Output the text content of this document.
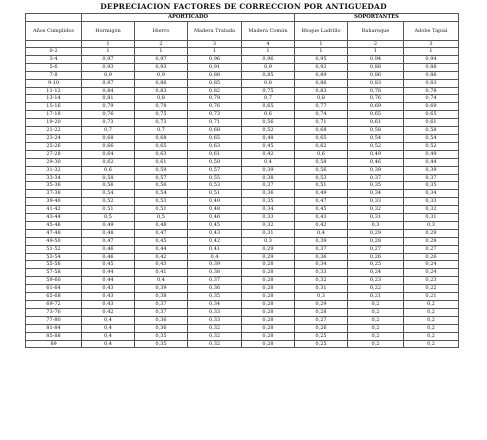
DEPRECIACION FACTORES DE CORRECCION POR ANTIGUEDAD
	APORTICADO				SOPORTANTES		
Años Cumplidos	Hormigón	Hierro	Madera Tratada	Madera Común	Bloque Ladrillo	Bahareque	Adobe Tapial
	1	2	3	4	1	2	3
0-2	1	1	1	1	1	1	1
3-4	0,97	0,97	0,96	0,96	0,95	0,94	0,94
5-6	0,93	0,93	0,91	0,9	0,92	0,88	0,88
7-8	0,9	0,9	0,88	0,85	0,89	0,86	0,86
9-10	0,87	0,86	0,85	0,8	0,86	0,83	0,83
11-12	0,84	0,83	0,82	0,75	0,83	0,78	0,78
13-14	0,81	0,8	0,79	0,7	0,8	0,76	0,74
15-16	0,79	0,78	0,76	0,65	0,77	0,69	0,69
17-18	0,76	0,75	0,73	0,6	0,74	0,65	0,65
19-20	0,73	0,73	0,71	0,56	0,71	0,61	0,61
21-22	0,7	0,7	0,68	0,52	0,68	0,58	0,58
23-24	0,68	0,68	0,65	0,48	0,65	0,54	0,54
25-26	0,66	0,65	0,63	0,45	0,62	0,52	0,52
27-28	0,64	0,63	0,61	0,42	0,6	0,49	0,49
29-30	0,62	0,61	0,59	0,4	0,58	0,46	0,44
31-32	0,6	0,59	0,57	0,39	0,56	0,39	0,39
33-34	0,58	0,57	0,55	0,38	0,53	0,37	0,37
35-36	0,56	0,56	0,53	0,37	0,51	0,35	0,35
37-38	0,54	0,54	0,51	0,36	0,49	0,34	0,34
39-40	0,52	0,53	0,49	0,35	0,47	0,33	0,33
41-42	0,51	0,51	0,48	0,34	0,45	0,32	0,32
43-44	0,5	0,5	0,46	0,33	0,43	0,31	0,31
45-46	0,49	0,48	0,45	0,32	0,42	0,3	0,3
47-48	0,48	0,47	0,43	0,31	0,4	0,29	0,29
49-50	0,47	0,45	0,42	0,3	0,39	0,28	0,28
51-52	0,46	0,44	0,41	0,29	0,37	0,27	0,27
53-54	0,46	0,42	0,4	0,29	0,36	0,26	0,26
55-56	0,45	0,43	0,39	0,28	0,34	0,25	0,24
57-58	0,44	0,41	0,38	0,28	0,33	0,24	0,24
59-60	0,44	0,4	0,37	0,28	0,32	0,23	0,23
61-64	0,43	0,39	0,36	0,28	0,31	0,22	0,22
65-68	0,43	0,38	0,35	0,28	0,3	0,21	0,21
69-72	0,43	0,37	0,34	0,28	0,29	0,2	0,2
73-76	0,42	0,37	0,33	0,28	0,28	0,2	0,2
77-80	0,4	0,36	0,33	0,28	0,27	0,2	0,2
81-84	0,4	0,36	0,32	0,28	0,26	0,2	0,2
85-88	0,4	0,35	0,32	0,28	0,25	0,2	0,2
89	0,4	0,35	0,32	0,28	0,25	0,2	0,2
